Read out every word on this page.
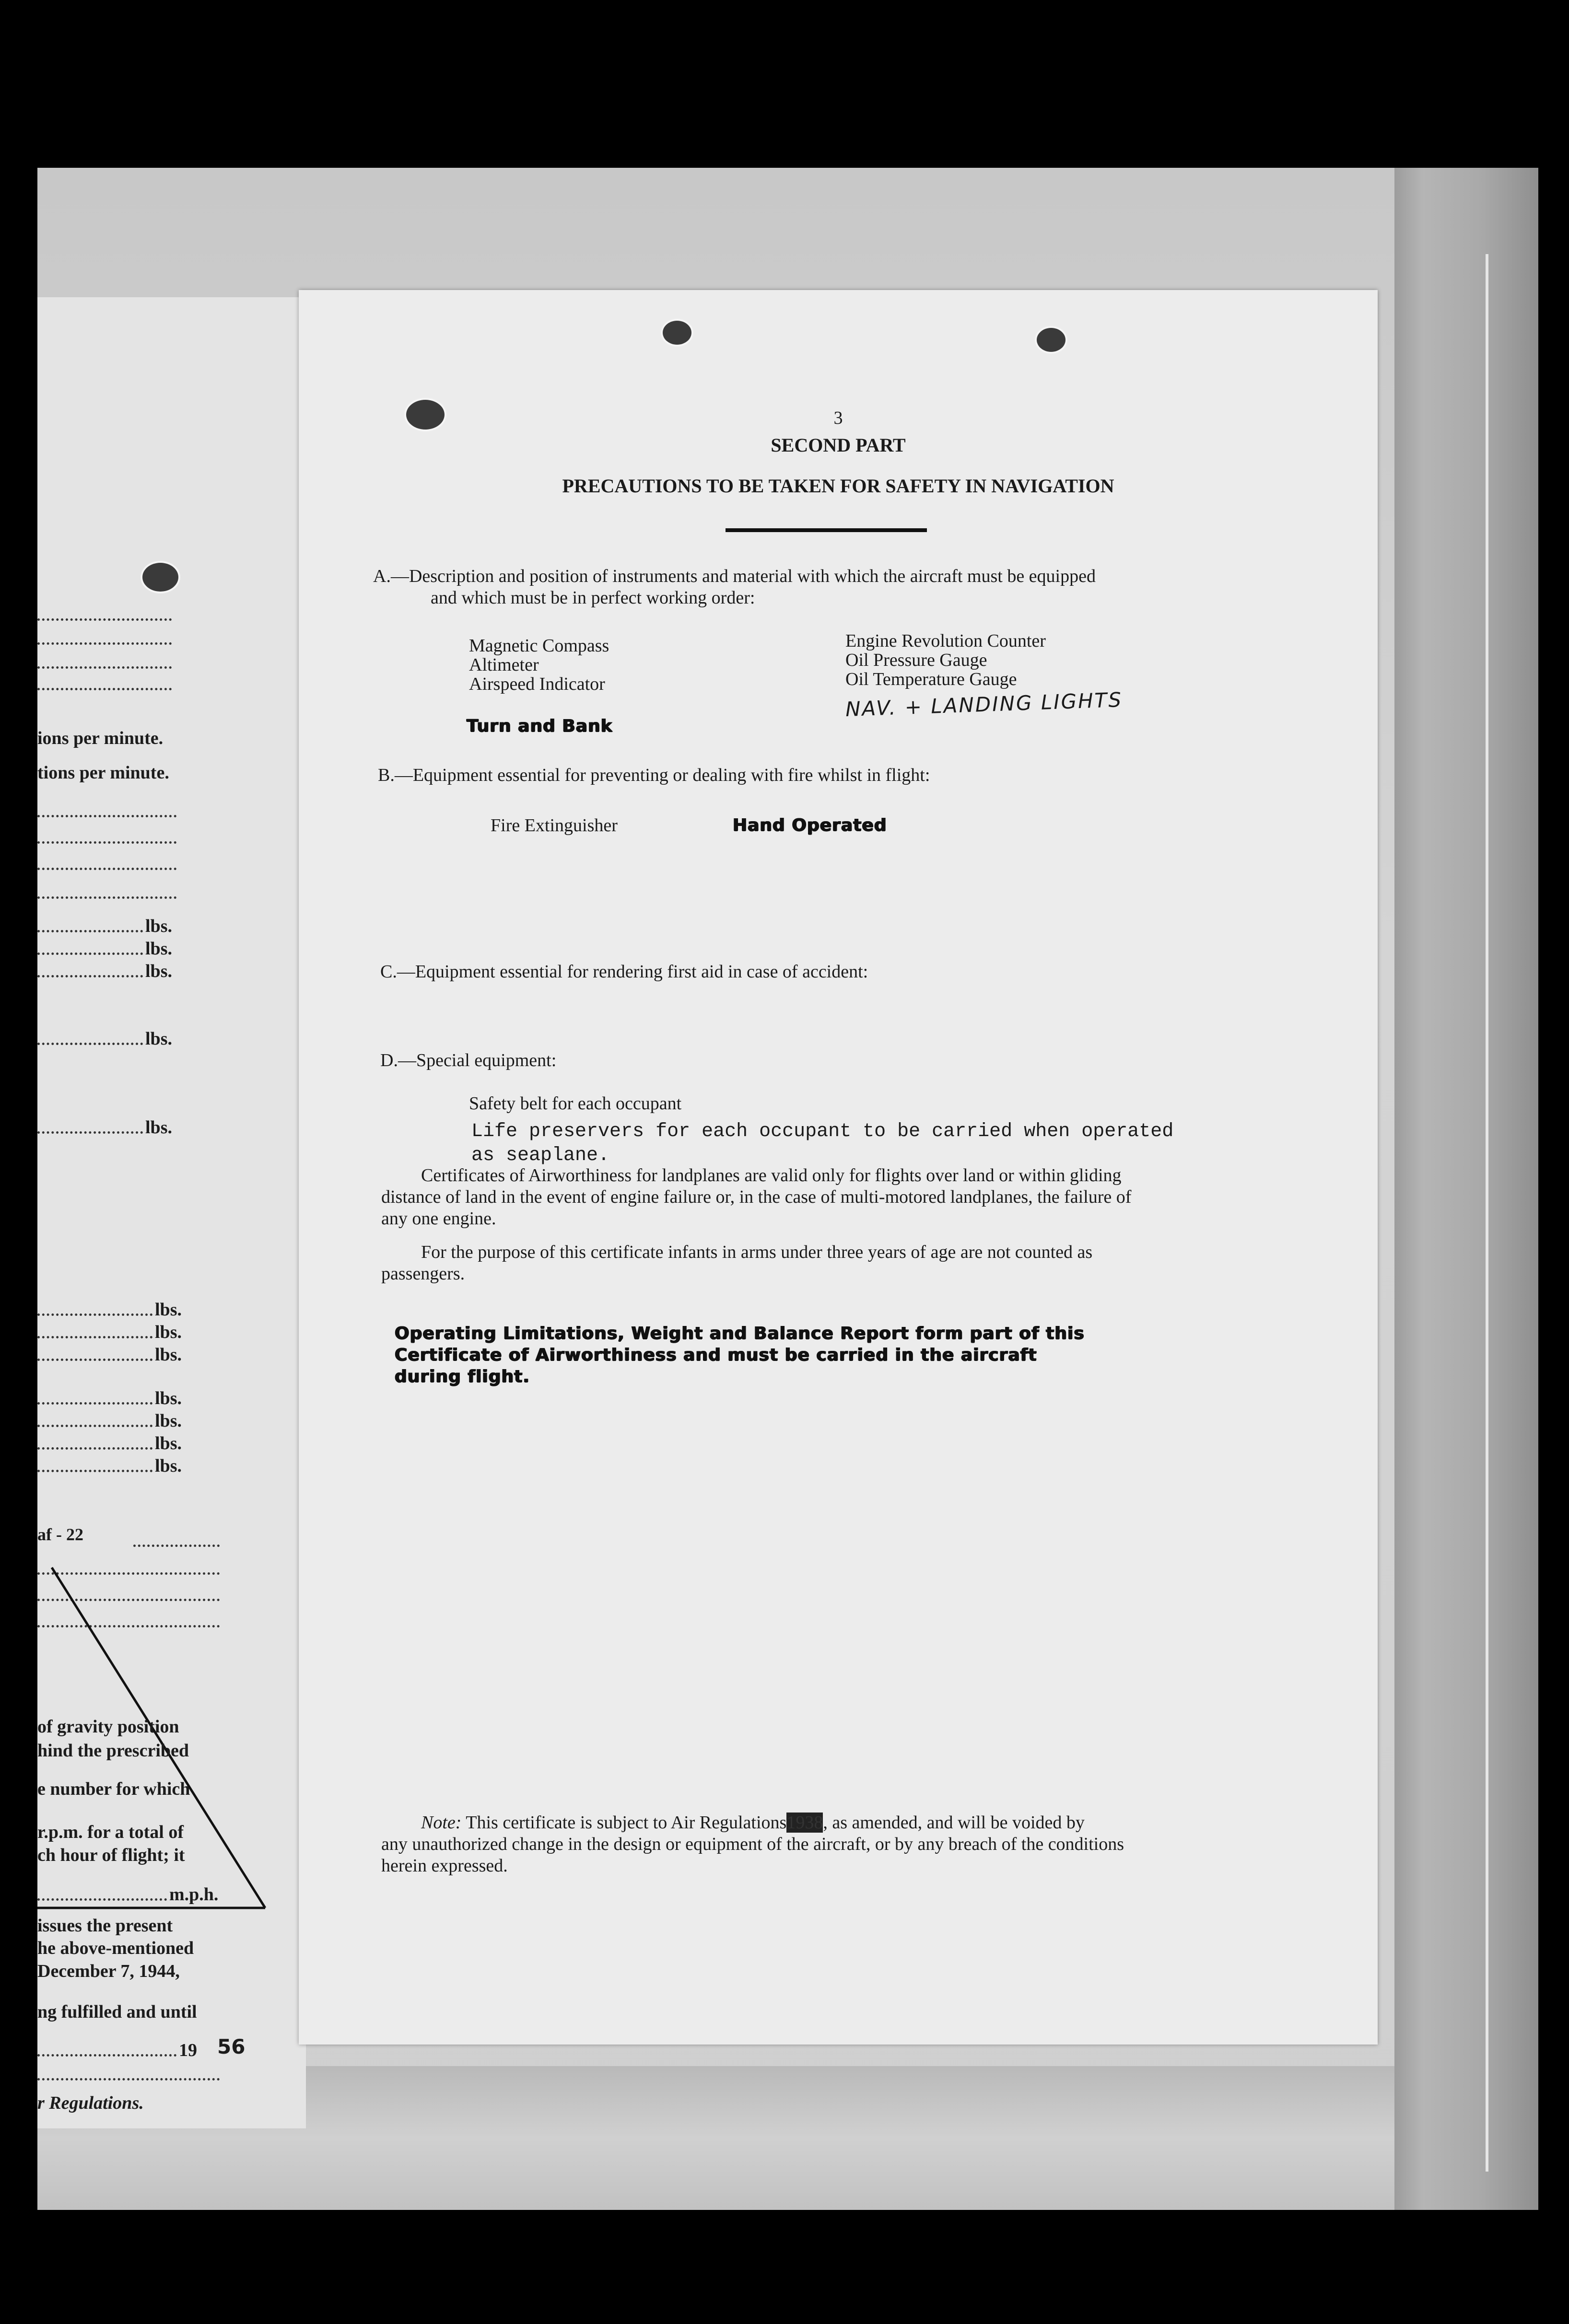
ions per minute.
tions per minute.
lbs.
lbs.
lbs.
lbs.
lbs.
lbs.
lbs.
lbs.
lbs.
lbs.
lbs.
lbs.
af - 22
of gravity position
hind the prescribed
e number for which
r.p.m. for a total of
ch hour of flight; it
m.p.h.
issues the present
he above-mentioned
December 7, 1944,
ng fulfilled and until
19 56
r Regulations.
3
SECOND PART
PRECAUTIONS TO BE TAKEN FOR SAFETY IN NAVIGATION
A.—Description and position of instruments and material with which the aircraft must be equipped
and which must be in perfect working order:
Magnetic Compass
Altimeter
Airspeed Indicator
Engine Revolution Counter
Oil Pressure Gauge
Oil Temperature Gauge
Turn and Bank
NAV. + LANDING LIGHTS
B.—Equipment essential for preventing or dealing with fire whilst in flight:
Fire Extinguisher	Hand Operated
C.—Equipment essential for rendering first aid in case of accident:
D.—Special equipment:
Safety belt for each occupant
Life preservers for each occupant to be carried when operated
as seaplane.
Certificates of Airworthiness for landplanes are valid only for flights over land or within gliding
distance of land in the event of engine failure or, in the case of multi-motored landplanes, the failure of
any one engine.
For the purpose of this certificate infants in arms under three years of age are not counted as
passengers.
Operating Limitations, Weight and Balance Report form part of this
Certificate of Airworthiness and must be carried in the aircraft
during flight.
Note: This certificate is subject to Air Regulations1938, as amended, and will be voided by
any unauthorized change in the design or equipment of the aircraft, or by any breach of the conditions
herein expressed.
